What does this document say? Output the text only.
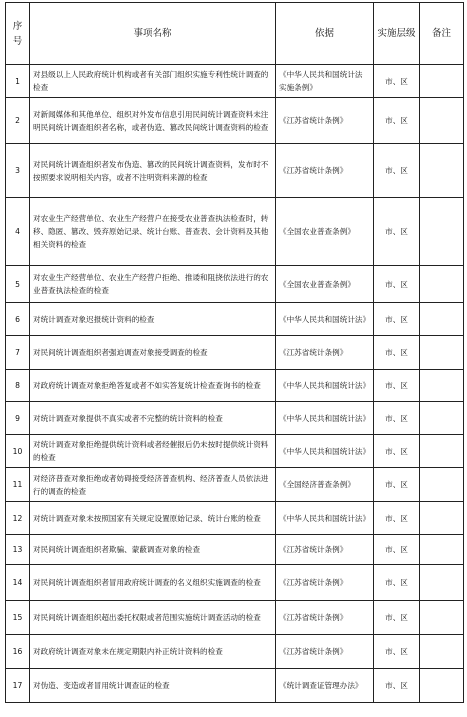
序号	事项名称	依据	实施层级	备注
1	对县级以上人民政府统计机构或者有关部门组织实施专利性统计调查的检查	《中华人民共和国统计法实施条例》	市、区	
2	对新闻媒体和其他单位、组织对外发布信息引用民间统计调查资料未注明民间统计调查组织者名称，或者伪造、篡改民间统计调查资料的检查	《江苏省统计条例》	市、区	
3	对民间统计调查组织者发布伪造、篡改的民间统计调查资料，发布时不按照要求说明相关内容，或者不注明资料来源的检查	《江苏省统计条例》	市、区	
4	对农业生产经营单位、农业生产经营户在接受农业普查执法检查时，转移、隐匿、篡改、毁弃原始记录、统计台账、普查表、会计资料及其他相关资料的检查	《全国农业普查条例》	市、区	
5	对农业生产经营单位、农业生产经营户拒绝、推诿和阻挠依法进行的农业普查执法检查的检查	《全国农业普查条例》	市、区	
6	对统计调查对象迟报统计资料的检查	《中华人民共和国统计法》	市、区	
7	对民间统计调查组织者强迫调查对象接受调查的检查	《江苏省统计条例》	市、区	
8	对政府统计调查对象拒绝答复或者不如实答复统计检查查询书的检查	《中华人民共和国统计法》	市、区	
9	对统计调查对象提供不真实或者不完整的统计资料的检查	《中华人民共和国统计法》	市、区	
10	对统计调查对象拒绝提供统计资料或者经催报后仍未按时提供统计资料的检查	《中华人民共和国统计法》	市、区	
11	对经济普查对象拒绝或者妨碍接受经济普查机构、经济普查人员依法进行的调查的检查	《全国经济普查条例》	市、区	
12	对统计调查对象未按照国家有关规定设置原始记录、统计台账的检查	《中华人民共和国统计法》	市、区	
13	对民间统计调查组织者欺骗、蒙蔽调查对象的检查	《江苏省统计条例》	市、区	
14	对民间统计调查组织者冒用政府统计调查的名义组织实施调查的检查	《江苏省统计条例》	市、区	
15	对民间统计调查组织超出委托权限或者范围实施统计调查活动的检查	《江苏省统计条例》	市、区	
16	对政府统计调查对象未在规定期限内补正统计资料的检查	《江苏省统计条例》	市、区	
17	对伪造、变造或者冒用统计调查证的检查	《统计调查证管理办法》	市、区	
